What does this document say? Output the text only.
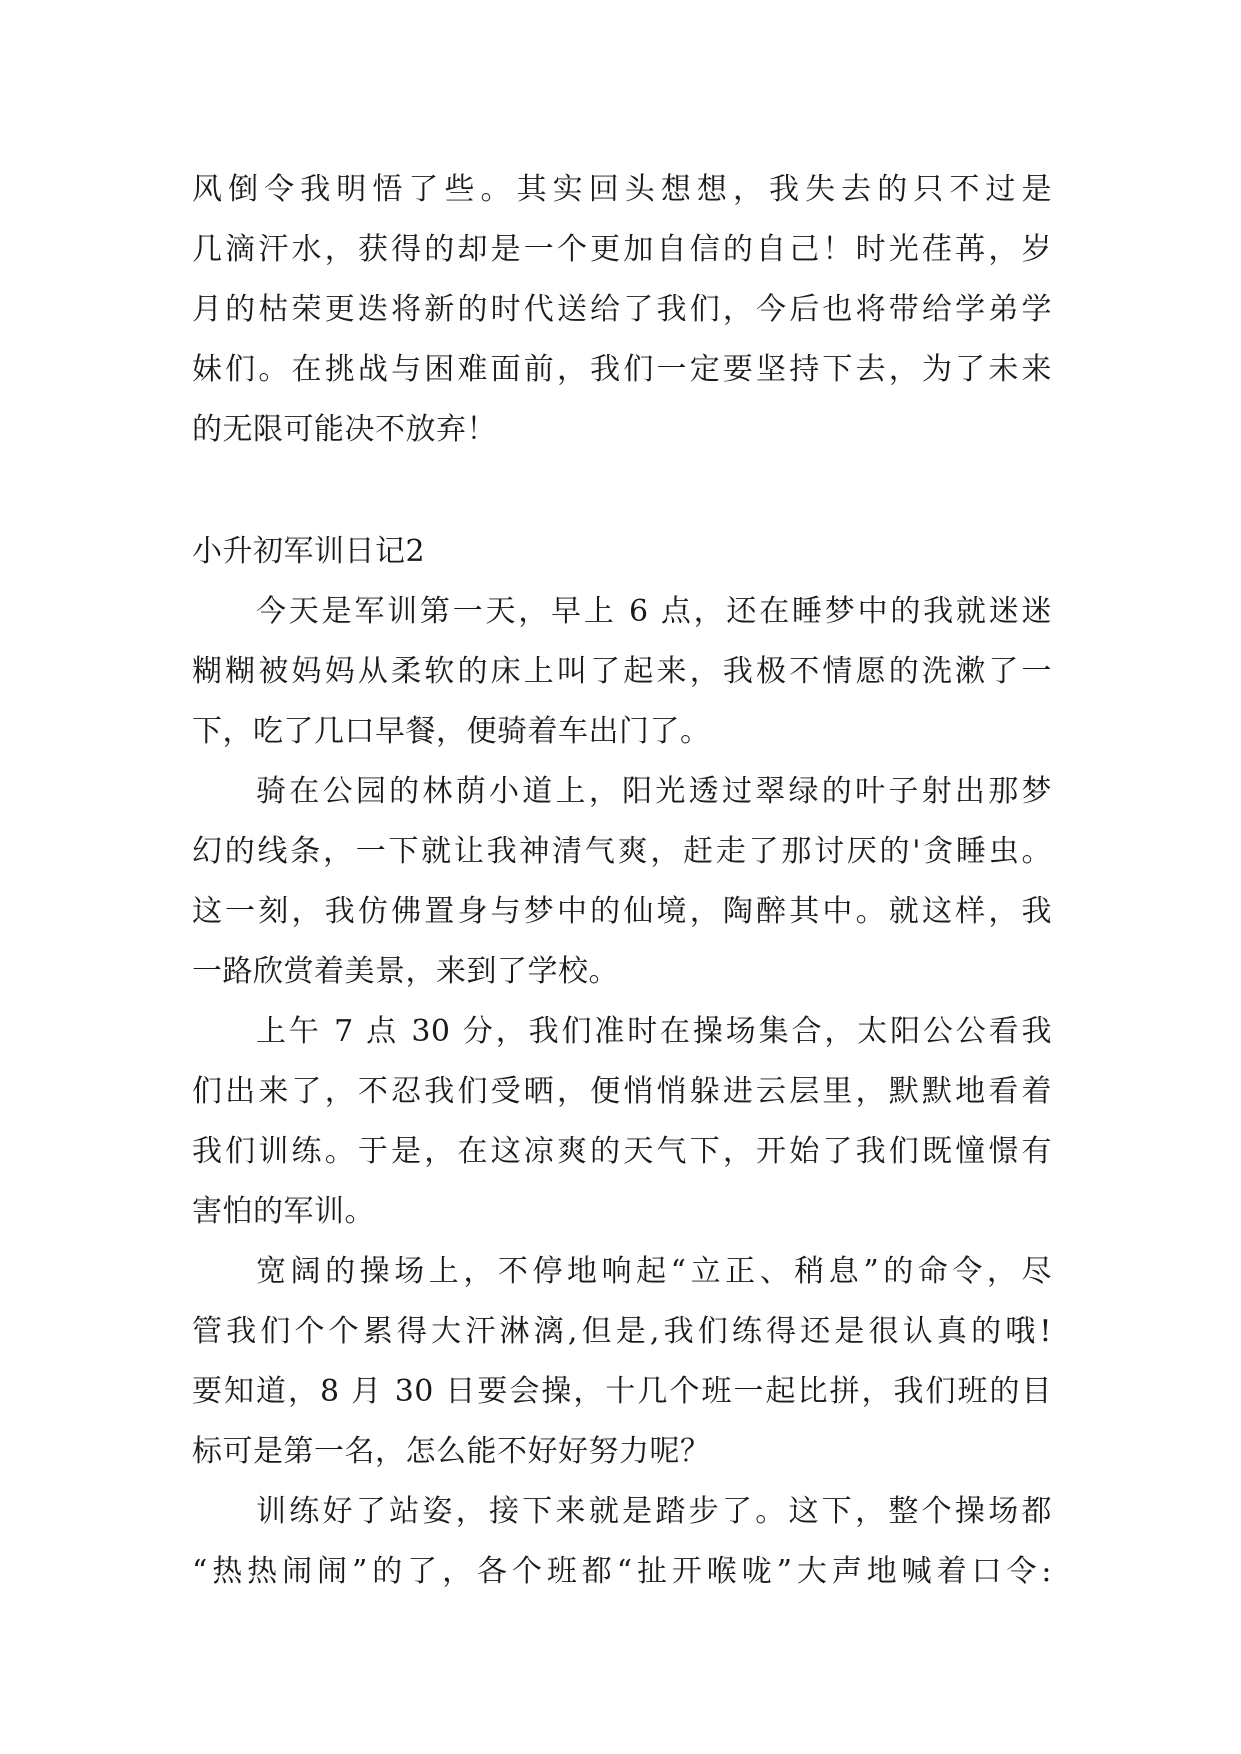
风倒令我明悟了些。其实回头想想，我失去的只不过是
几滴汗水，获得的却是一个更加自信的自己！时光荏苒，岁
月的枯荣更迭将新的时代送给了我们，今后也将带给学弟学
妹们。在挑战与困难面前，我们一定要坚持下去，为了未来
的无限可能决不放弃！
小升初军训日记2
今天是军训第一天，早上 6 点，还在睡梦中的我就迷迷
糊糊被妈妈从柔软的床上叫了起来，我极不情愿的洗漱了一
下，吃了几口早餐，便骑着车出门了。
骑在公园的林荫小道上，阳光透过翠绿的叶子射出那梦
幻的线条，一下就让我神清气爽，赶走了那讨厌的'贪睡虫。
这一刻，我仿佛置身与梦中的仙境，陶醉其中。就这样，我
一路欣赏着美景，来到了学校。
上午 7 点 30 分，我们准时在操场集合，太阳公公看我
们出来了，不忍我们受晒，便悄悄躲进云层里，默默地看着
我们训练。于是，在这凉爽的天气下，开始了我们既憧憬有
害怕的军训。
宽阔的操场上，不停地响起“立正、稍息”的命令，尽
管我们个个累得大汗淋漓,但是,我们练得还是很认真的哦!
要知道，8 月 30 日要会操，十几个班一起比拼，我们班的目
标可是第一名，怎么能不好好努力呢？
训练好了站姿，接下来就是踏步了。这下，整个操场都
“热热闹闹”的了，各个班都“扯开喉咙”大声地喊着口令:
